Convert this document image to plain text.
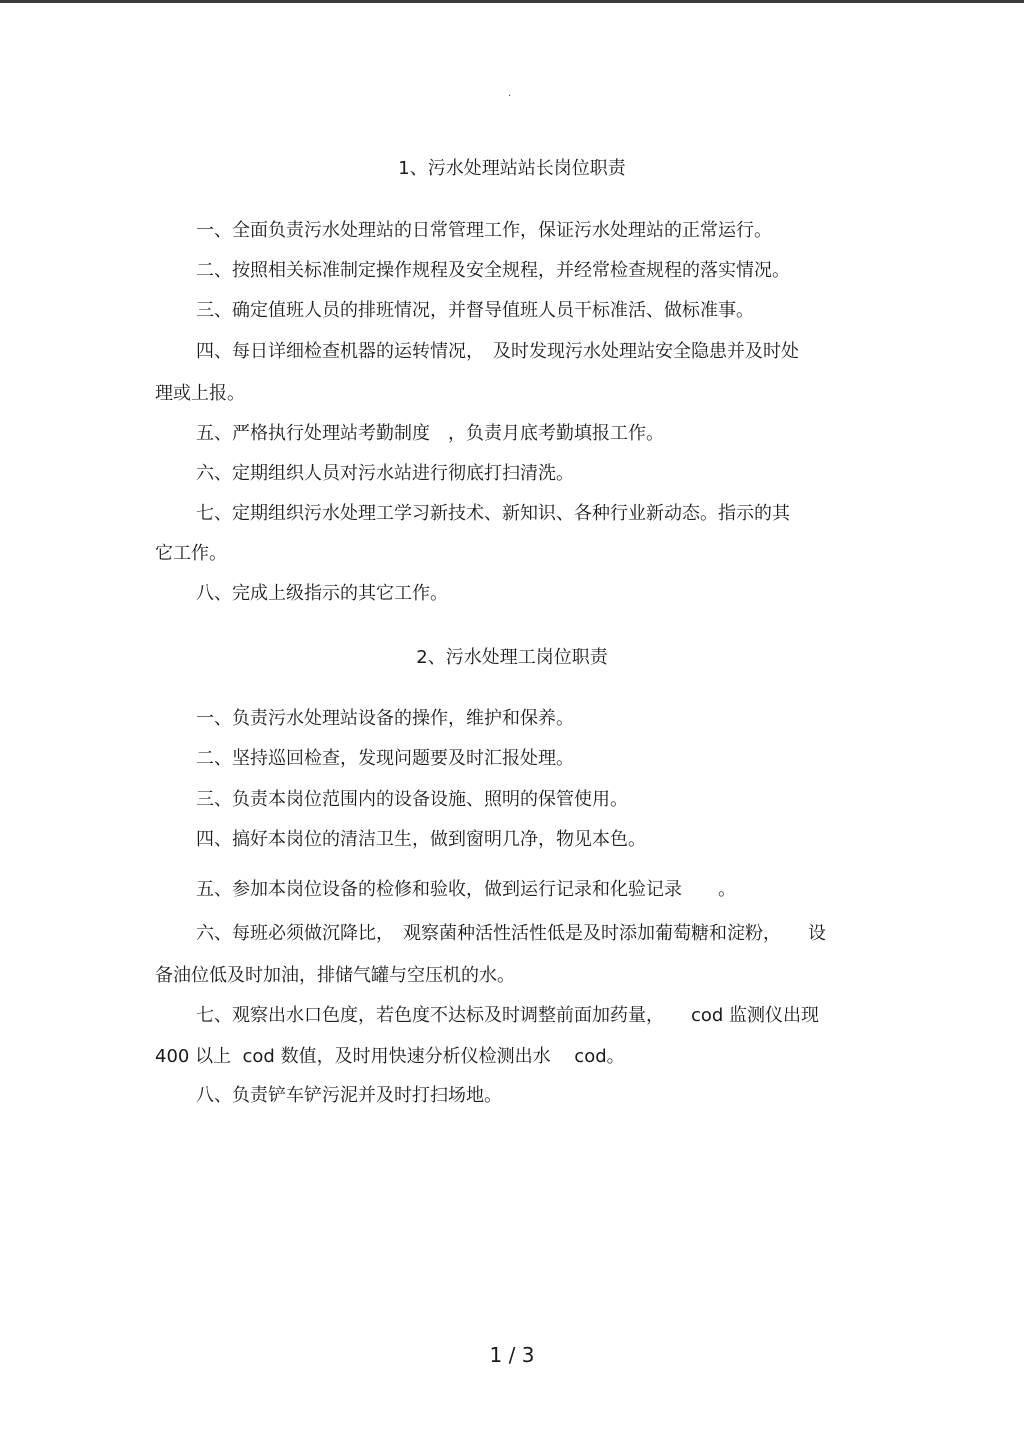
.
1、污水处理站站长岗位职责
一、全面负责污水处理站的日常管理工作，保证污水处理站的正常运行。
二、按照相关标准制定操作规程及安全规程，并经常检查规程的落实情况。
三、确定值班人员的排班情况，并督导值班人员干标准活、做标准事。
四、每日详细检查机器的运转情况，　及时发现污水处理站安全隐患并及时处
理或上报。
五、严格执行处理站考勤制度　，负责月底考勤填报工作。
六、定期组织人员对污水站进行彻底打扫清洗。
七、定期组织污水处理工学习新技术、新知识、各种行业新动态。指示的其
它工作。
八、完成上级指示的其它工作。
2、污水处理工岗位职责
一、负责污水处理站设备的操作，维护和保养。
二、坚持巡回检查，发现问题要及时汇报处理。
三、负责本岗位范围内的设备设施、照明的保管使用。
四、搞好本岗位的清洁卫生，做到窗明几净，物见本色。
五、参加本岗位设备的检修和验收，做到运行记录和化验记录　　。
六、每班必须做沉降比，　观察菌种活性活性低是及时添加葡萄糖和淀粉，　　设
备油位低及时加油，排储气罐与空压机的水。
七、观察出水口色度，若色度不达标及时调整前面加药量，　　cod 监测仪出现
400 以上  cod 数值，及时用快速分析仪检测出水　 cod。
八、负责铲车铲污泥并及时打扫场地。
1 / 3
